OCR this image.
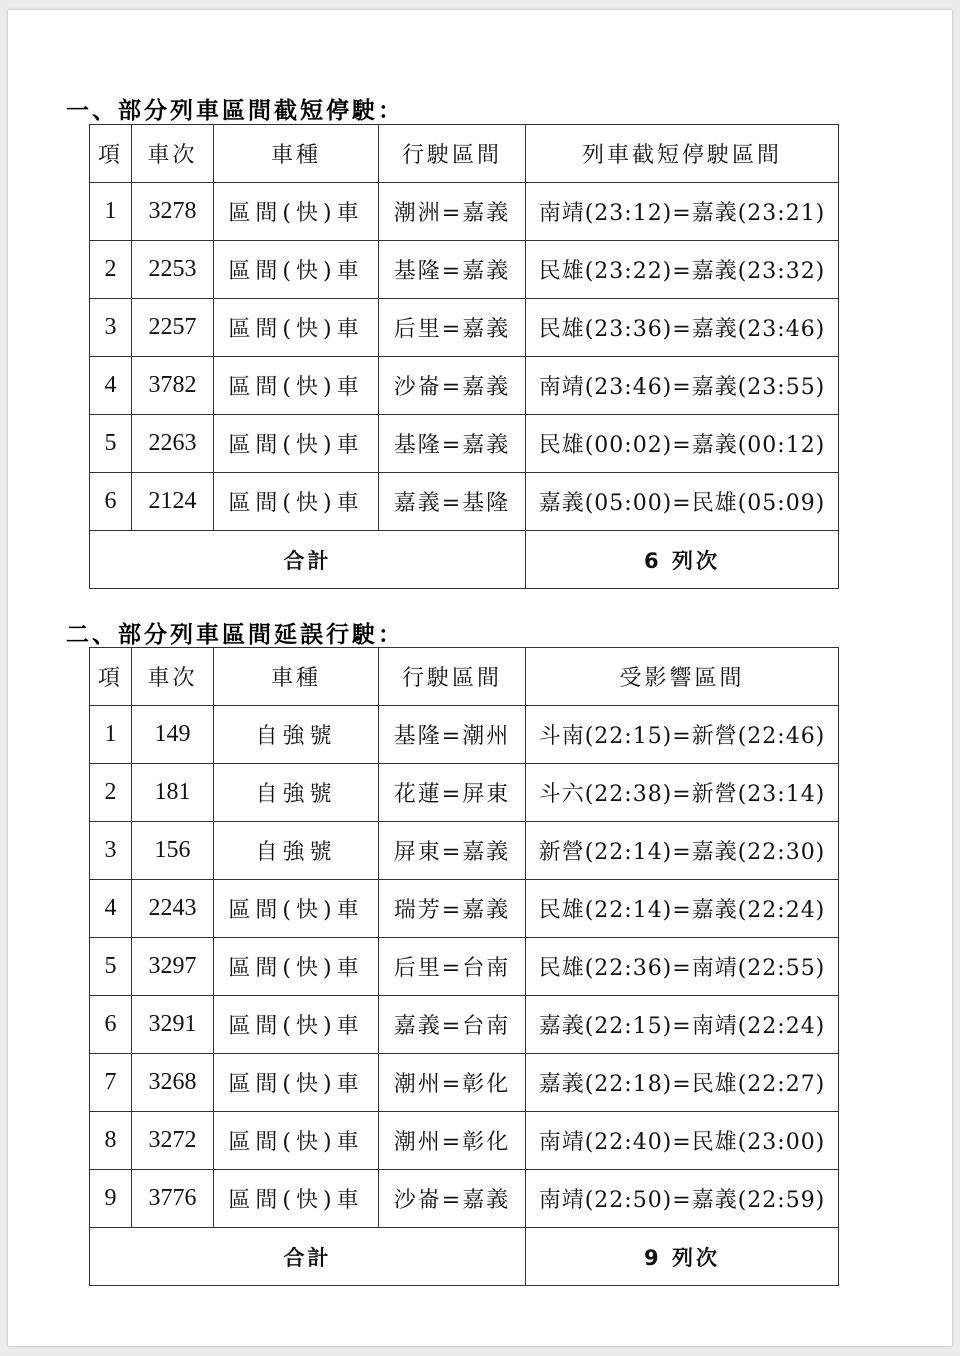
一、部分列車區間截短停駛：
項	車次	車種	行駛區間	列車截短停駛區間
1	3278	區間(快)車	潮洲=嘉義	南靖(23:12)=嘉義(23:21)
2	2253	區間(快)車	基隆=嘉義	民雄(23:22)=嘉義(23:32)
3	2257	區間(快)車	后里=嘉義	民雄(23:36)=嘉義(23:46)
4	3782	區間(快)車	沙崙=嘉義	南靖(23:46)=嘉義(23:55)
5	2263	區間(快)車	基隆=嘉義	民雄(00:02)=嘉義(00:12)
6	2124	區間(快)車	嘉義=基隆	嘉義(05:00)=民雄(05:09)
合計				6 列次
二、部分列車區間延誤行駛：
項	車次	車種	行駛區間	受影響區間
1	149	自強號	基隆=潮州	斗南(22:15)=新營(22:46)
2	181	自強號	花蓮=屏東	斗六(22:38)=新營(23:14)
3	156	自強號	屏東=嘉義	新營(22:14)=嘉義(22:30)
4	2243	區間(快)車	瑞芳=嘉義	民雄(22:14)=嘉義(22:24)
5	3297	區間(快)車	后里=台南	民雄(22:36)=南靖(22:55)
6	3291	區間(快)車	嘉義=台南	嘉義(22:15)=南靖(22:24)
7	3268	區間(快)車	潮州=彰化	嘉義(22:18)=民雄(22:27)
8	3272	區間(快)車	潮州=彰化	南靖(22:40)=民雄(23:00)
9	3776	區間(快)車	沙崙=嘉義	南靖(22:50)=嘉義(22:59)
合計				9 列次
